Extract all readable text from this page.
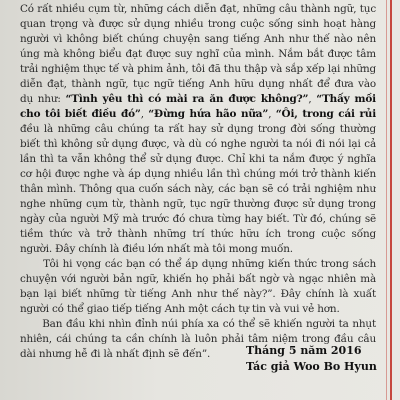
Có rất nhiều cụm từ, những cách diễn đạt, những câu thành ngữ, tục
quan trọng và được sử dụng nhiều trong cuộc sống sinh hoạt hàng
người vì không biết chúng chuyện sang tiếng Anh như thế nào nên
úng mà không biểu đạt được suy nghĩ của mình. Nắm bắt được tâm
trải nghiệm thực tế và phim ảnh, tôi đã thu thập và sắp xếp lại những
diễn đạt, thành ngữ, tục ngữ tiếng Anh hữu dụng nhất để đưa vào
dụ như: “Tình yêu thì có mài ra ăn được không?”, “Thấy mồi
cho tôi biết điều đó”, “Đừng hứa hão nữa”, “Ôi, trong cái rủi
đều là những câu chúng ta rất hay sử dụng trong đời sống thường
biết thì không sử dụng được, và dù có nghe người ta nói đi nói lại cả
lần thì ta vẫn không thể sử dụng được. Chỉ khi ta nắm được ý nghĩa
cơ hội được nghe và áp dụng nhiều lần thì chúng mới trở thành kiến
thân mình. Thông qua cuốn sách này, các bạn sẽ có trải nghiệm như
nghe những cụm từ, thành ngữ, tục ngữ thường được sử dụng trong
ngày của người Mỹ mà trước đó chưa từng hay biết. Từ đó, chúng sẽ
tiềm thức và trở thành những trí thức hữu ích trong cuộc sống
người. Đây chính là điều lớn nhất mà tôi mong muốn.
Tôi hi vọng các bạn có thể áp dụng những kiến thức trong sách
chuyện với người bản ngữ, khiến họ phải bất ngờ và ngạc nhiên mà
bạn lại biết những từ tiếng Anh như thế này?”. Đây chính là xuất
người có thể giao tiếp tiếng Anh một cách tự tin và vui vẻ hơn.
Ban đầu khi nhìn đỉnh núi phía xa có thể sẽ khiến người ta nhụt
nhiên, cái chúng ta cần chính là luôn phải tâm niệm trong đầu câu
dài nhưng hễ đi là nhất định sẽ đến”.	Tháng 5 năm 2016
Tác giả Woo Bo Hyun
